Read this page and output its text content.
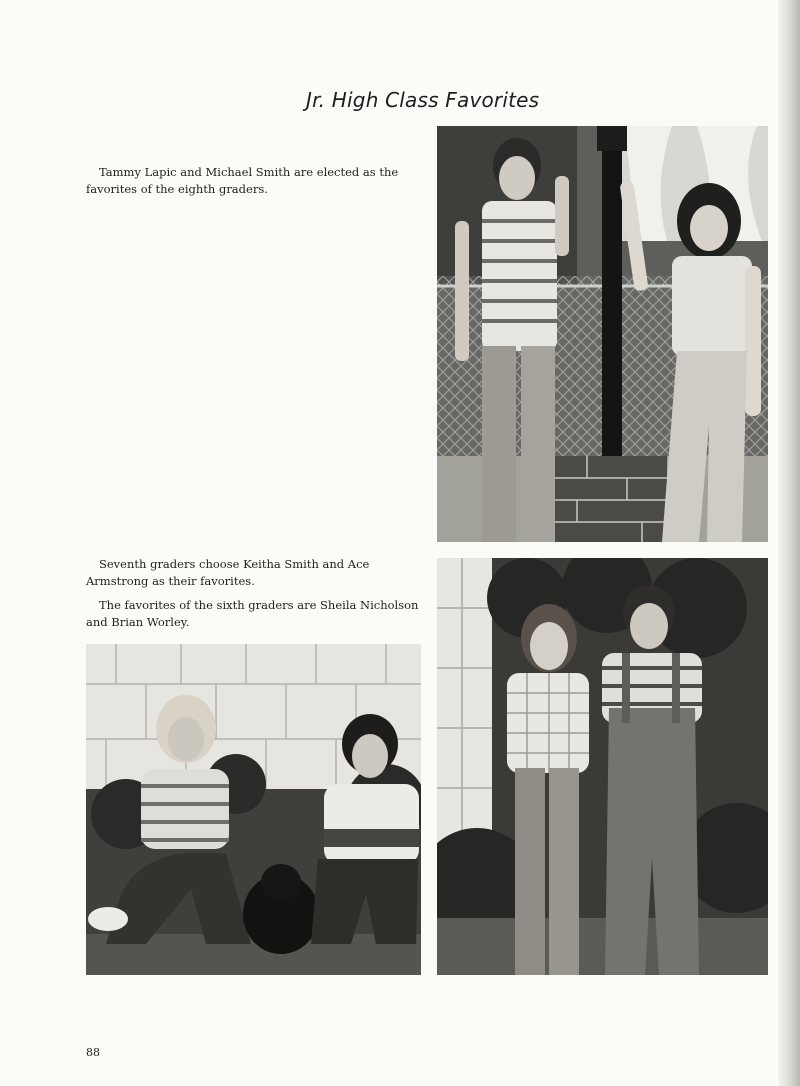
Jr. High Class Favorites

Tammy Lapic and Michael Smith are elected as the favorites of the eighth graders.

Seventh graders choose Keitha Smith and Ace Armstrong as their favorites.

The favorites of the sixth graders are Sheila Nicholson and Brian Worley.

88
